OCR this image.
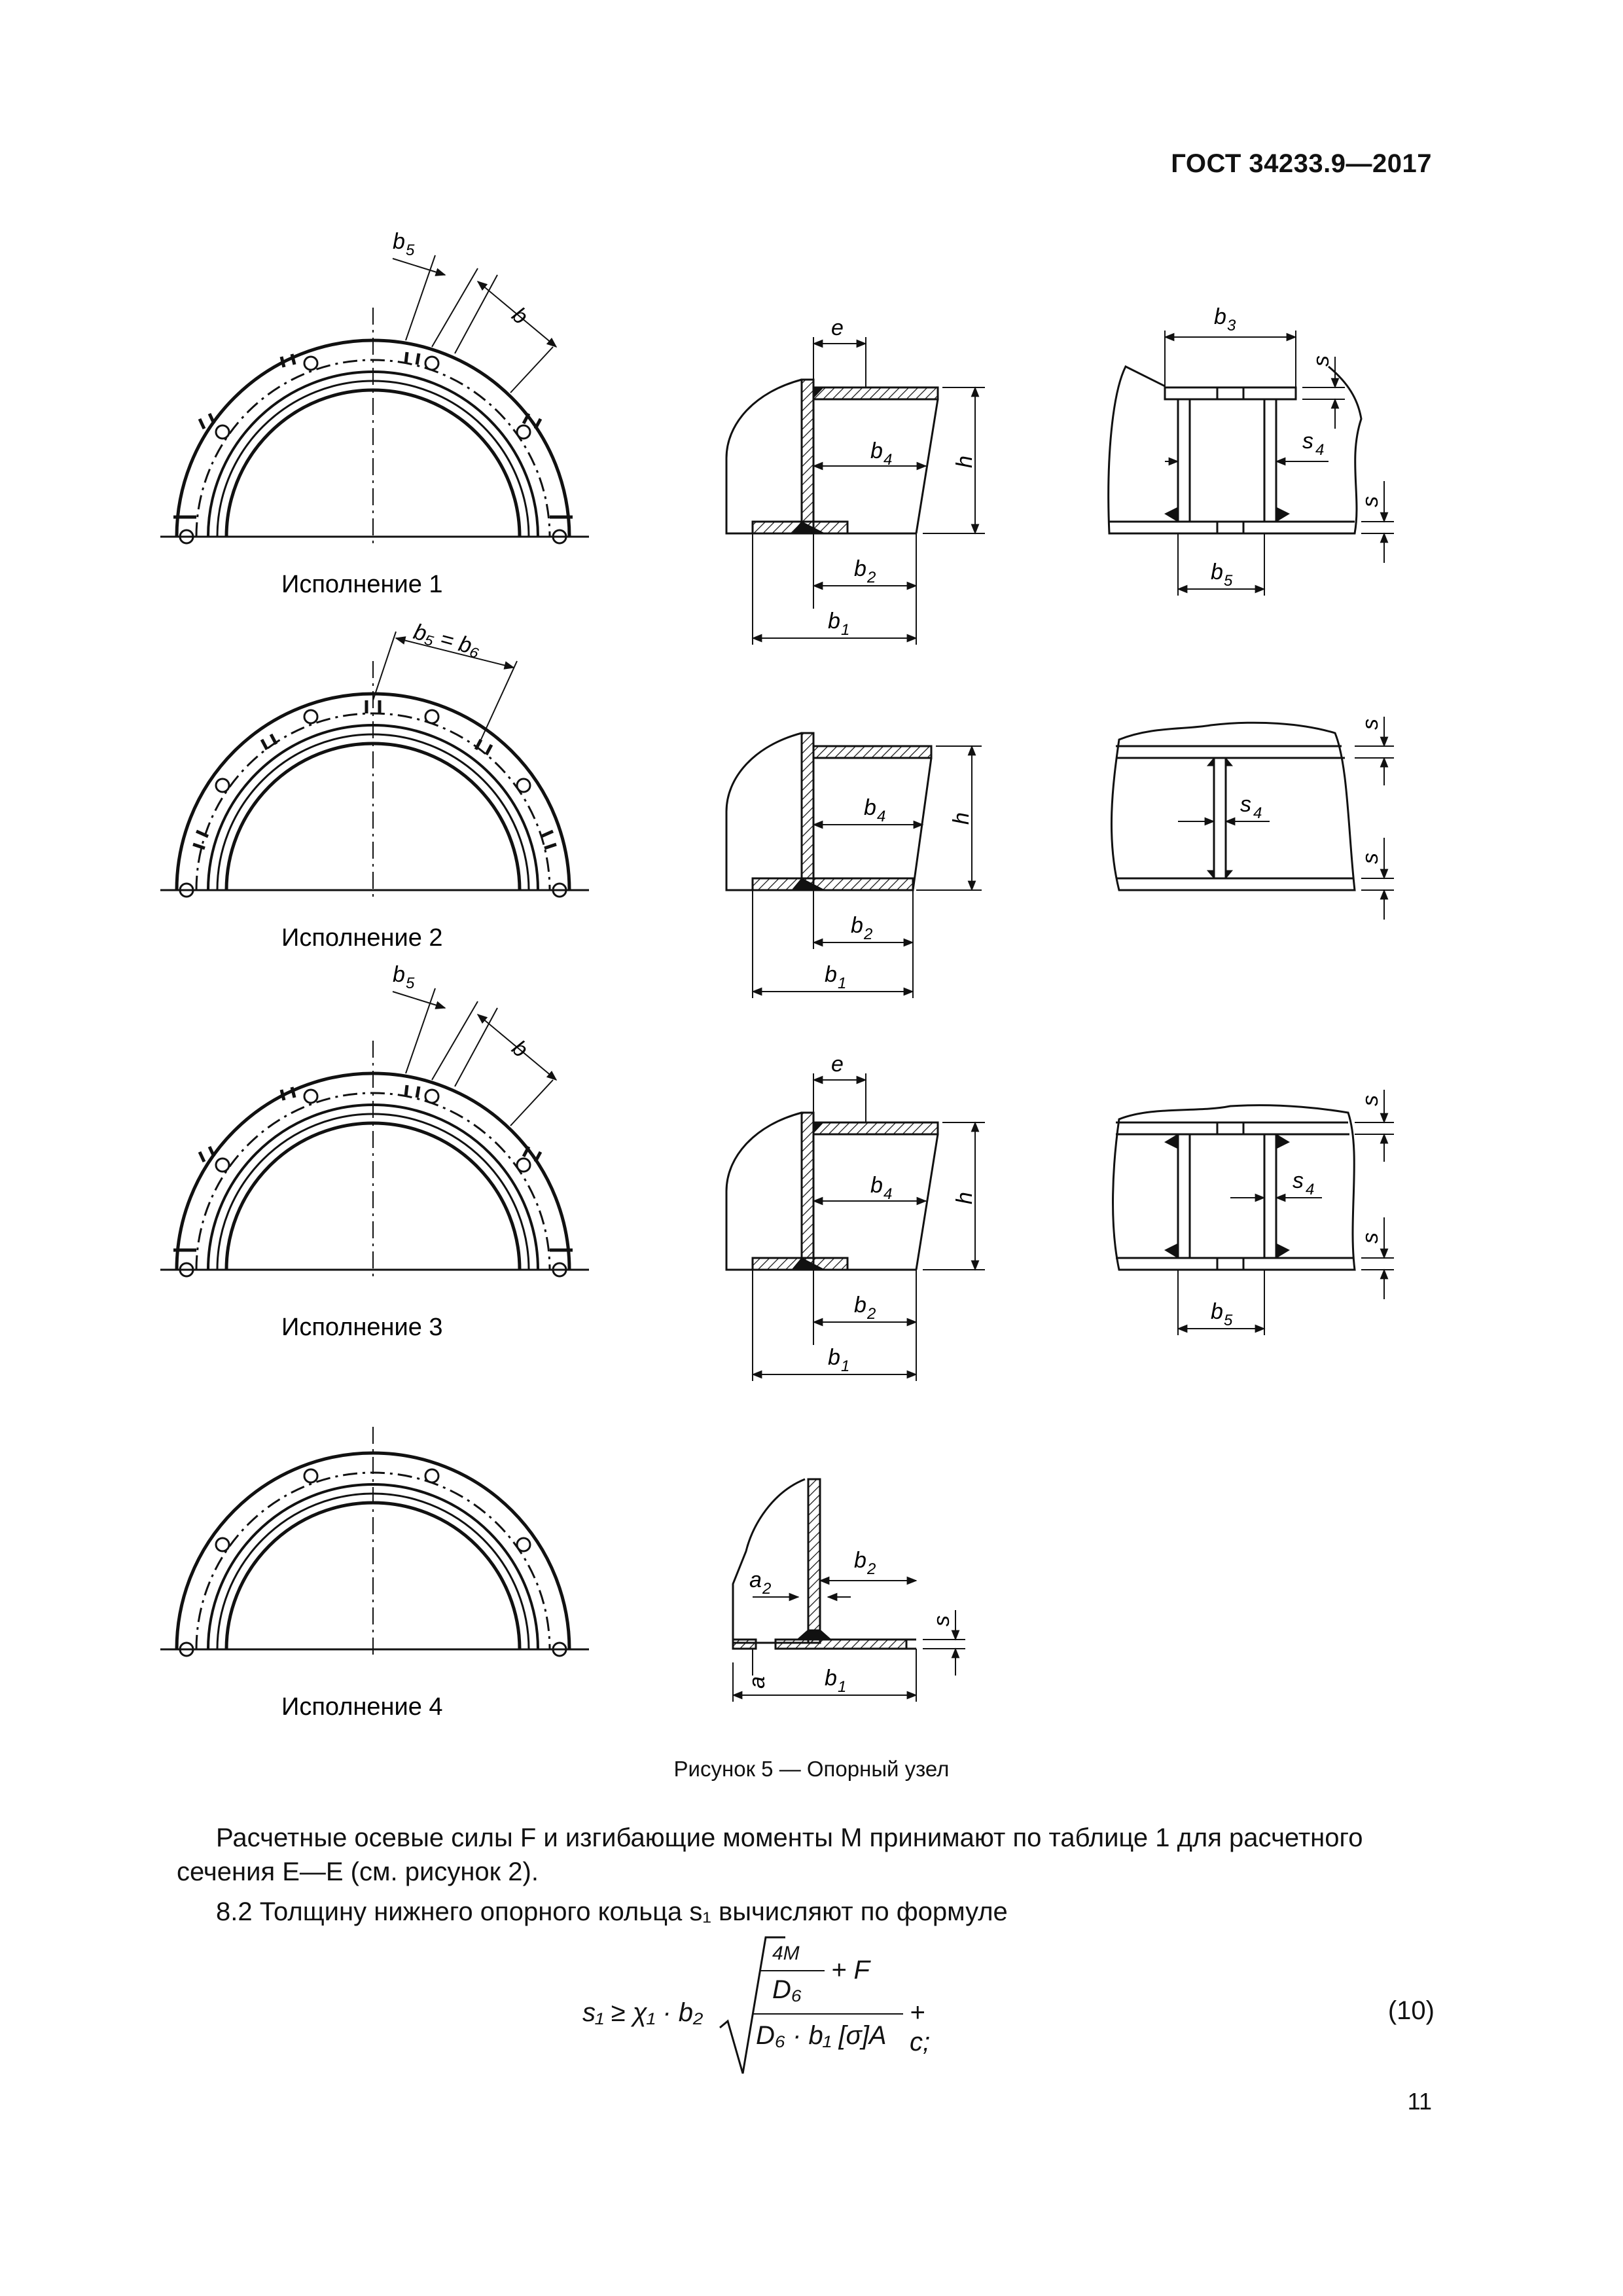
ГОСТ 34233.9—2017
b 5
b
Исполнение 1
b₅ = b₆
Исполнение 2
b 5
b
Исполнение 3
Исполнение 4
e
b 4	h
b 2
b 1
b 4	h
b 2
b 1
e
b 4	h
b 2
b 1
b 2
a 2
s
a b 1
b 3
s
s 4
s
b 5
s
s 4
s
s
s 4
s
b 5
Рисунок 5 — Опорный узел

Расчетные осевые силы F и изгибающие моменты M принимают по таблице 1 для расчетного сечения Е—Е (см. рисунок 2).

8.2 Толщину нижнего опорного кольца s₁ вычисляют по формуле

s₁ ≥ χ₁ · b₂
4M
D₆
+ F
D₆ · b₁ [σ]А
+ c;
(10)
11
